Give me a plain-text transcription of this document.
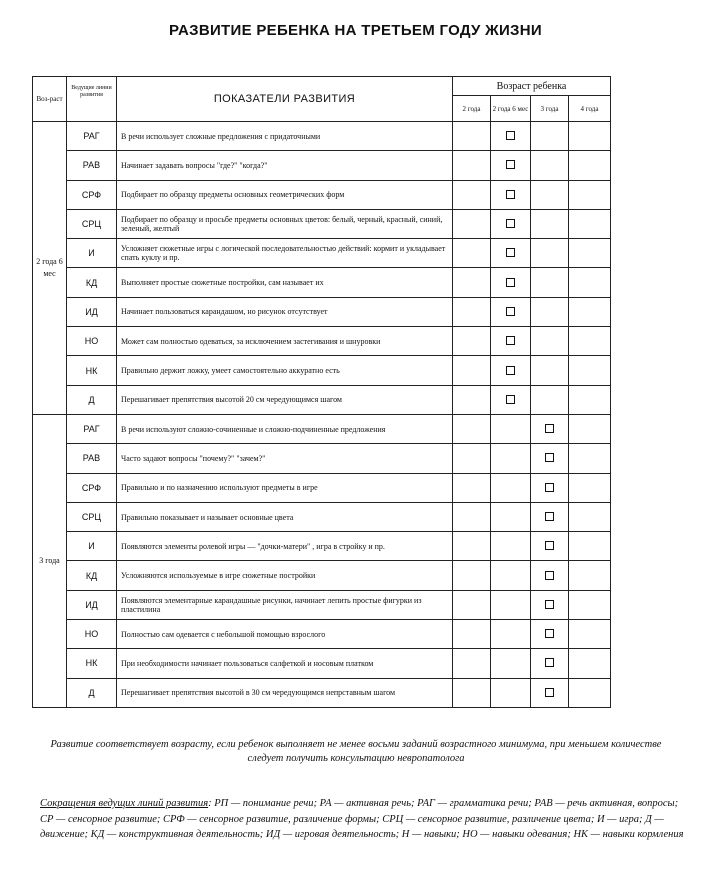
РАЗВИТИЕ РЕБЕНКА НА ТРЕТЬЕМ ГОДУ ЖИЗНИ
Воз-раст	Ведущие линии развития	ПОКАЗАТЕЛИ РАЗВИТИЯ	Возраст ребенка			
			2 года	2 года 6 мес	3 года	4 года
2 года 6 мес	РАГ	В речи использует сложные предложения с придаточными				
	РАВ	Начинает задавать вопросы "где?" "когда?"				
	СРФ	Подбирает по образцу предметы основных геометрических форм				
	СРЦ	Подбирает по образцу и просьбе предметы основных цветов: белый, черный, красный, синий, зеленый, желтый				
	И	Усложняет сюжетные игры с логической последовательностью действий: кормит и укладывает спать куклу и пр.				
	КД	Выполняет простые сюжетные постройки, сам называет их				
	ИД	Начинает пользоваться карандашом, но рисунок отсутствует				
	НО	Может сам полностью одеваться, за исключением застегивания и шнуровки				
	НК	Правильно держит ложку, умеет самостоятельно аккуратно есть				
	Д	Перешагивает препятствия высотой 20 см чередующимся шагом				
3 года	РАГ	В речи используют сложно-сочиненные и сложно-подчиненные предложения				
	РАВ	Часто задают вопросы "почему?" "зачем?"				
	СРФ	Правильно и по назначению используют предметы в игре				
	СРЦ	Правильно показывает и называет основные цвета				
	И	Появляются элементы ролевой игры — "дочки-матери" , игра в стройку и пр.				
	КД	Усложняются используемые в игре сюжетные постройки				
	ИД	Появляются элементарные карандашные рисунки, начинает лепить простые фигурки из пластилина				
	НО	Полностью сам одевается с небольшой помощью взрослого				
	НК	При необходимости начинает пользоваться салфеткой и носовым платком				
	Д	Перешагивает препятствия высотой в 30 см чередующимся непрставным шагом				
Развитие соответствует возрасту, если ребенок выполняет не менее восьми заданий возрастного минимума, при меньшем количестве следует получить консультацию невропатолога
Сокращения ведущих линий развития: РП — понимание речи; РА — активная речь; РАГ — грамматика речи; РАВ — речь активная, вопросы; СР — сенсорное развитие; СРФ — сенсорное развитие, различение формы; СРЦ — сенсорное развитие, различение цвета; И — игра; Д — движение; КД — конструктивная деятельность; ИД — игровая деятельность; Н — навыки; НО — навыки одевания; НК — навыки кормления
